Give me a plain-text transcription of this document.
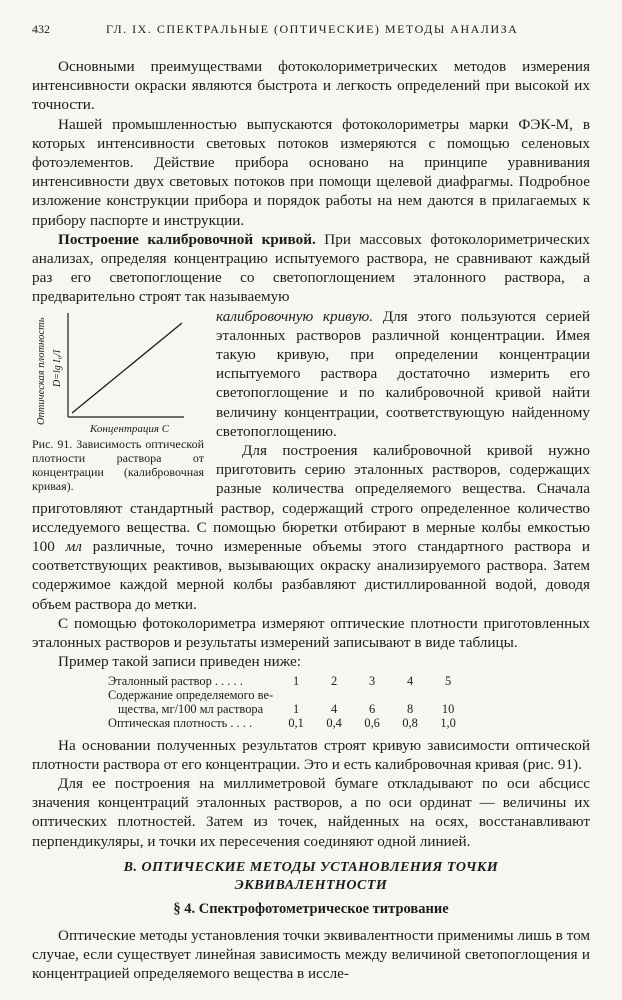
432	ГЛ. IX. СПЕКТРАЛЬНЫЕ (ОПТИЧЕСКИЕ) МЕТОДЫ АНАЛИЗА

Основными преимуществами фотоколориметрических методов измерения интенсивности окраски являются быстрота и легкость определений при высокой их точности.

Нашей промышленностью выпускаются фотоколориметры марки ФЭК-М, в которых интенсивности световых потоков измеряются с помощью селеновых фотоэлементов. Действие прибора основано на принципе уравнивания интенсивности двух световых потоков при помощи щелевой диафрагмы. Подробное изложение конструкции прибора и порядок работы на нем даются в прилагаемых к прибору паспорте и инструкции.

Построение калибровочной кривой. При массовых фотоколориметрических анализах, определяя концентрацию испытуемого раствора, не сравнивают каждый раз его светопоглощение со светопоглощением эталонного раствора, а предварительно строят так называемую

Оптическая плотность D=lg I₀/I
Концентрация C
Рис. 91. Зависимость оптической плотности раствора от концентрации (калибровочная кривая).

калибровочную кривую. Для этого пользуются серией эталонных растворов различной концентрации. Имея такую кривую, при определении концентрации испытуемого раствора достаточно измерить его светопоглощение и по калибровочной кривой найти величину концентрации, соответствующую найденному светопоглощению.

Для построения калибровочной кривой нужно приготовить серию эталонных растворов, содержащих разные количества определяемого вещества. Сначала приготовляют стандартный раствор, содержащий строго определенное количество исследуемого вещества. С помощью бюретки отбирают в мерные колбы емкостью 100 мл различные, точно измеренные объемы этого стандартного раствора и соответствующих реактивов, вызывающих окраску анализируемого раствора. Затем содержимое каждой мерной колбы разбавляют дистиллированной водой, доводя объем раствора до метки.

С помощью фотоколориметра измеряют оптические плотности приготовленных эталонных растворов и результаты измерений записывают в виде таблицы.

Пример такой записи приведен ниже:

Эталонный раствор . . . . .	1	2	3	4	5
Содержание определяемого ве-
щества, мг/100 мл раствора	1	4	6	8	10
Оптическая плотность . . . .	0,1	0,4	0,6	0,8	1,0

На основании полученных результатов строят кривую зависимости оптической плотности раствора от его концентрации. Это и есть калибровочная кривая (рис. 91).

Для ее построения на миллиметровой бумаге откладывают по оси абсцисс значения концентраций эталонных растворов, а по оси ординат — величины их оптических плотностей. Затем из точек, найденных на осях, восстанавливают перпендикуляры, и точки их пересечения соединяют одной линией.

В. ОПТИЧЕСКИЕ МЕТОДЫ УСТАНОВЛЕНИЯ ТОЧКИ
ЭКВИВАЛЕНТНОСТИ
§ 4. Спектрофотометрическое титрование

Оптические методы установления точки эквивалентности применимы лишь в том случае, если существует линейная зависимость между величиной светопоглощения и концентрацией определяемого вещества в иссле-
